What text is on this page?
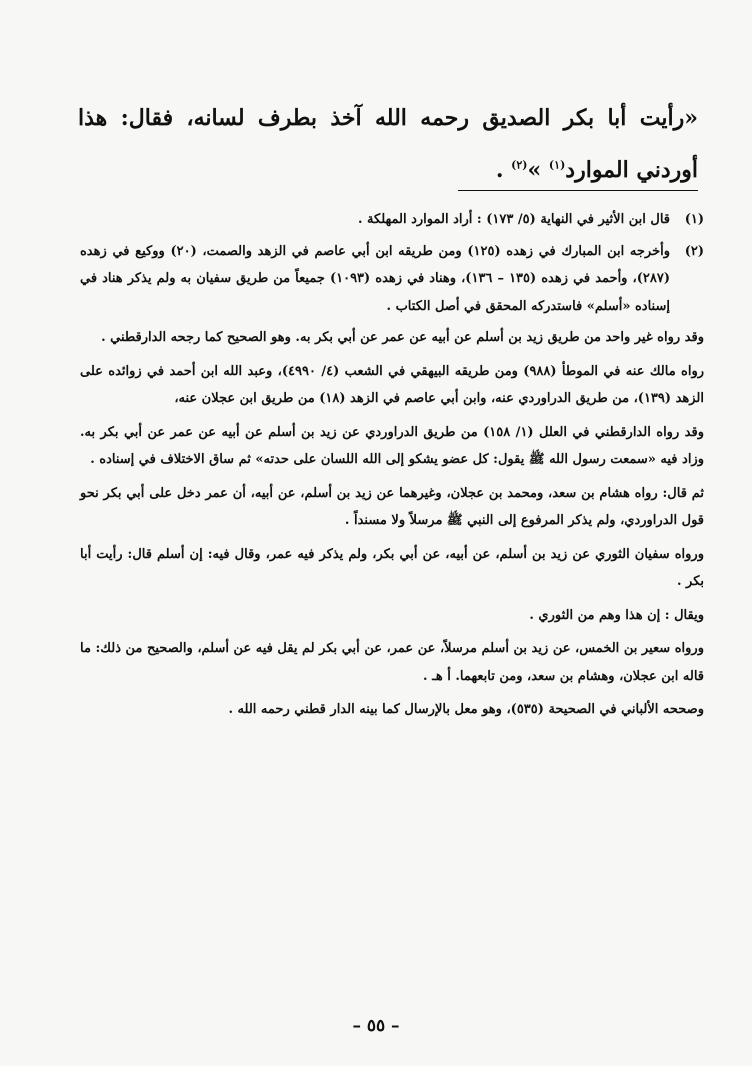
«رأيت أبا بكر الصديق رحمه الله آخذ بطرف لسانه، فقال: هذا
أوردني الموارد$^{(١)}$ »$^{(٢)}$ .
(١)
قال ابن الأثير في النهاية (٥/ ١٧٣) : أراد الموارد المهلكة .
(٢)
وأخرجه ابن المبارك في زهده (١٢٥) ومن طريقه ابن أبي عاصم في الزهد والصمت، (٢٠) ووكيع في زهده (٢٨٧)، وأحمد في زهده (١٣٥ – ١٣٦)، وهناد في زهده (١٠٩٣) جميعاً من طريق سفيان به ولم يذكر هناد في إسناده «أسلم» فاستدركه المحقق في أصل الكتاب .

وقد رواه غير واحد من طريق زيد بن أسلم عن أبيه عن عمر عن أبي بكر به. وهو الصحيح كما رجحه الدارقطني .

رواه مالك عنه في الموطأ (٩٨٨) ومن طريقه البيهقي في الشعب (٤/ ٤٩٩٠)، وعبد الله ابن أحمد في زوائده على الزهد (١٣٩)، من طريق الدراوردي عنه، وابن أبي عاصم في الزهد (١٨) من طريق ابن عجلان عنه،

وقد رواه الدارقطني في العلل (١/ ١٥٨) من طريق الدراوردي عن زيد بن أسلم عن أبيه عن عمر عن أبي بكر به. وزاد فيه «سمعت رسول الله ﷺ يقول: كل عضو يشكو إلى الله اللسان على حدته» ثم ساق الاختلاف في إسناده .

ثم قال: رواه هشام بن سعد، ومحمد بن عجلان، وغيرهما عن زيد بن أسلم، عن أبيه، أن عمر دخل على أبي بكر نحو قول الدراوردي، ولم يذكر المرفوع إلى النبي ﷺ مرسلاً ولا مسنداً .

ورواه سفيان الثوري عن زيد بن أسلم، عن أبيه، عن أبي بكر، ولم يذكر فيه عمر، وقال فيه: إن أسلم قال: رأيت أبا بكر .

ويقال : إن هذا وهم من الثوري .

ورواه سعير بن الخمس، عن زيد بن أسلم مرسلاً، عن عمر، عن أبي بكر لم يقل فيه عن أسلم، والصحيح من ذلك: ما قاله ابن عجلان، وهشام بن سعد، ومن تابعهما. أ هـ .

وصححه الألباني في الصحيحة (٥٣٥)، وهو معل بالإرسال كما بينه الدار قطني رحمه الله .

– ٥٥ –
